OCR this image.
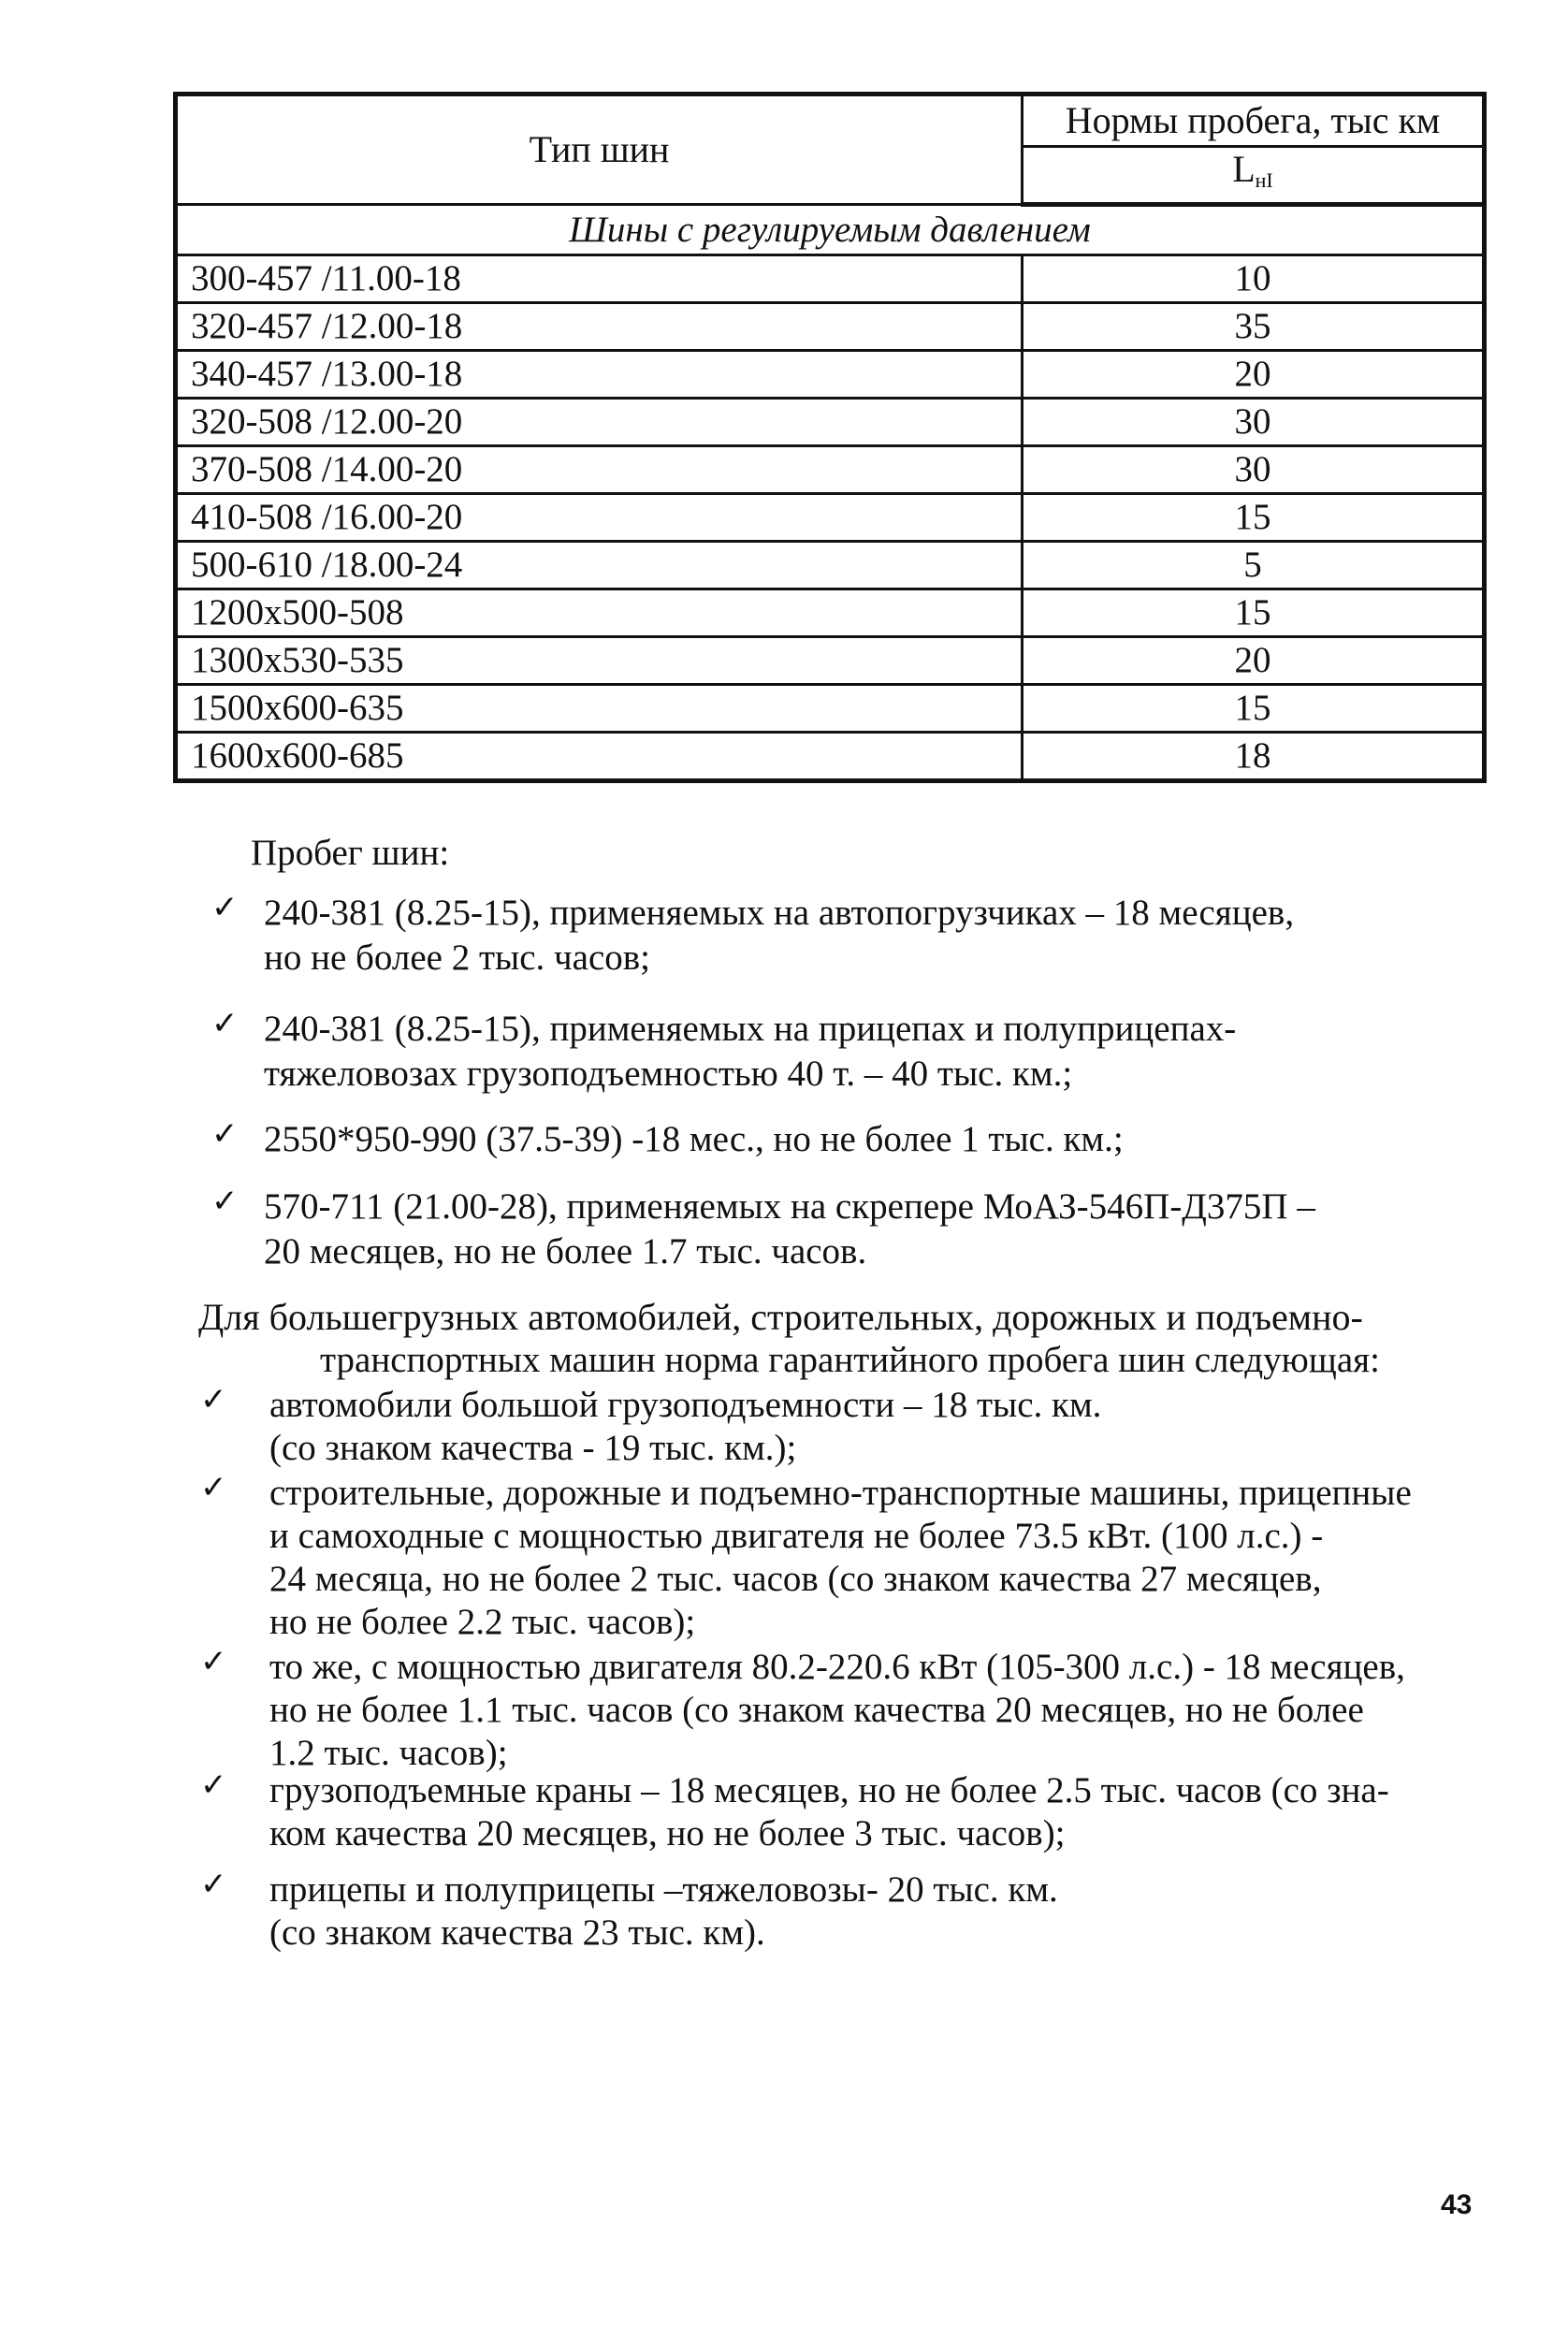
Тип шин	Нормы пробега, тыс км
	$L_{нI}$
Шины с регулируемым давлением	
300-457 /11.00-18	10
320-457 /12.00-18	35
340-457 /13.00-18	20
320-508 /12.00-20	30
370-508 /14.00-20	30
410-508 /16.00-20	15
500-610 /18.00-24	5
1200x500-508	15
1300x530-535	20
1500x600-635	15
1600x600-685	18
Пробег шин:
✓ 240-381 (8.25-15), применяемых на автопогрузчиках – 18 месяцев,
но не более 2 тыс. часов;
✓ 240-381 (8.25-15), применяемых на прицепах и полуприцепах-
тяжеловозах грузоподъемностью 40 т. – 40 тыс. км.;
✓ 2550*950-990 (37.5-39) -18 мес., но не более 1 тыс. км.;
✓ 570-711 (21.00-28), применяемых на скрепере МоАЗ-546П-Д375П –
20 месяцев, но не более 1.7 тыс. часов.
Для большегрузных автомобилей, строительных, дорожных и подъемно-
транспортных машин норма гарантийного пробега шин следующая:
✓ автомобили большой грузоподъемности – 18 тыс. км.
(со знаком качества - 19 тыс. км.);
✓ строительные, дорожные и подъемно-транспортные машины, прицепные
и самоходные с мощностью двигателя не более 73.5 кВт. (100 л.с.) -
24 месяца, но не более 2 тыс. часов (со знаком качества 27 месяцев,
но не более 2.2 тыс. часов);
✓ то же, с мощностью двигателя 80.2-220.6 кВт (105-300 л.с.) - 18 месяцев,
но не более 1.1 тыс. часов (со знаком качества 20 месяцев, но не более
1.2 тыс. часов);
✓ грузоподъемные краны – 18 месяцев, но не более 2.5 тыс. часов (со зна-
ком качества 20 месяцев, но не более 3 тыс. часов);
✓ прицепы и полуприцепы –тяжеловозы- 20 тыс. км.
(со знаком качества 23 тыс. км).
43
